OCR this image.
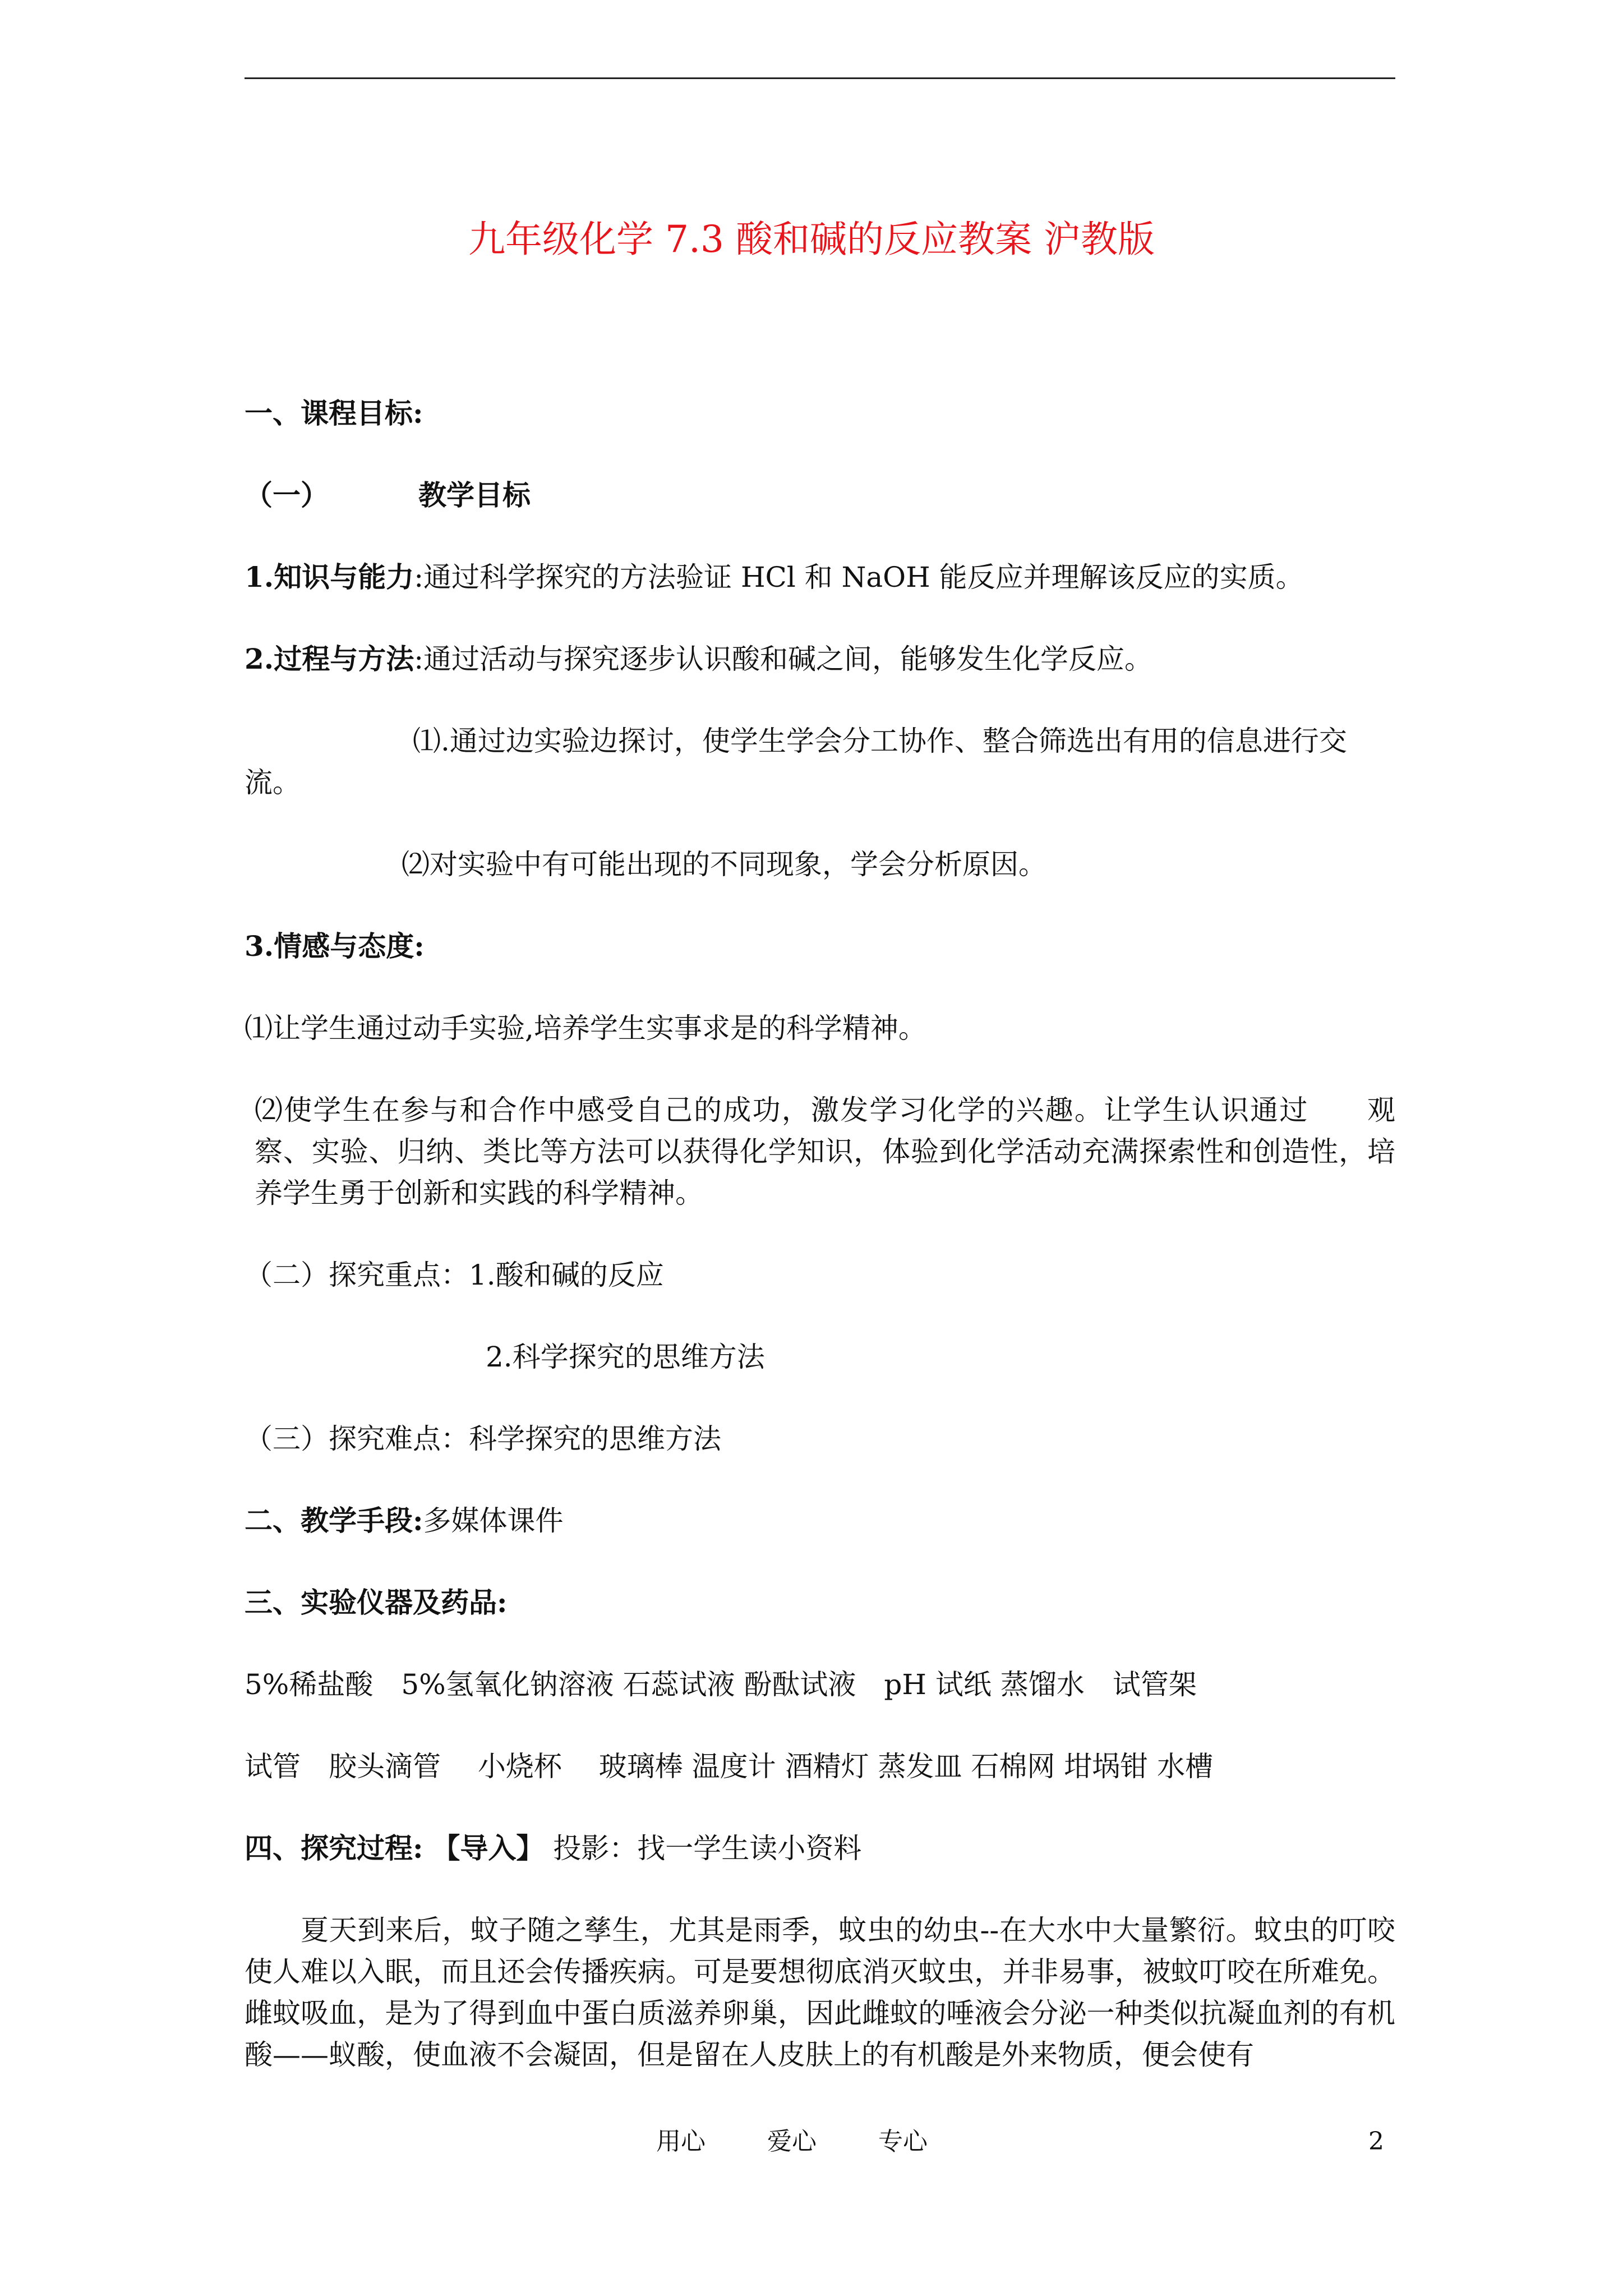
九年级化学 7.3 酸和碱的反应教案 沪教版
一、课程目标:
（一）	教学目标
1.知识与能力:通过科学探究的方法验证 HCl 和 NaOH 能反应并理解该反应的实质。
2.过程与方法:通过活动与探究逐步认识酸和碱之间，能够发生化学反应。
⑴.通过边实验边探讨，使学生学会分工协作、整合筛选出有用的信息进行交
流。
⑵对实验中有可能出现的不同现象，学会分析原因。
3.情感与态度:
⑴让学生通过动手实验,培养学生实事求是的科学精神。
⑵使学生在参与和合作中感受自己的成功，激发学习化学的兴趣。让学生认识通过　　观察、实验、归纳、类比等方法可以获得化学知识，体验到化学活动充满探索性和创造性，培养学生勇于创新和实践的科学精神。
（二）探究重点：1.酸和碱的反应
2.科学探究的思维方法
（三）探究难点：科学探究的思维方法
二、教学手段:多媒体课件
三、实验仪器及药品:
5%稀盐酸　5%氢氧化钠溶液 石蕊试液 酚酞试液　pH 试纸 蒸馏水　试管架
试管　胶头滴管　 小烧杯　 玻璃棒 温度计 酒精灯 蒸发皿 石棉网 坩埚钳 水槽
四、探究过程: 【导入】 投影：找一学生读小资料
夏天到来后，蚊子随之孳生，尤其是雨季，蚊虫的幼虫--在大水中大量繁衍。蚊虫的叮咬使人难以入眠，而且还会传播疾病。可是要想彻底消灭蚊虫，并非易事，被蚊叮咬在所难免。雌蚊吸血，是为了得到血中蛋白质滋养卵巢，因此雌蚊的唾液会分泌一种类似抗凝血剂的有机酸——蚁酸，使血液不会凝固，但是留在人皮肤上的有机酸是外来物质，便会使有
用心	爱心	专心	2
